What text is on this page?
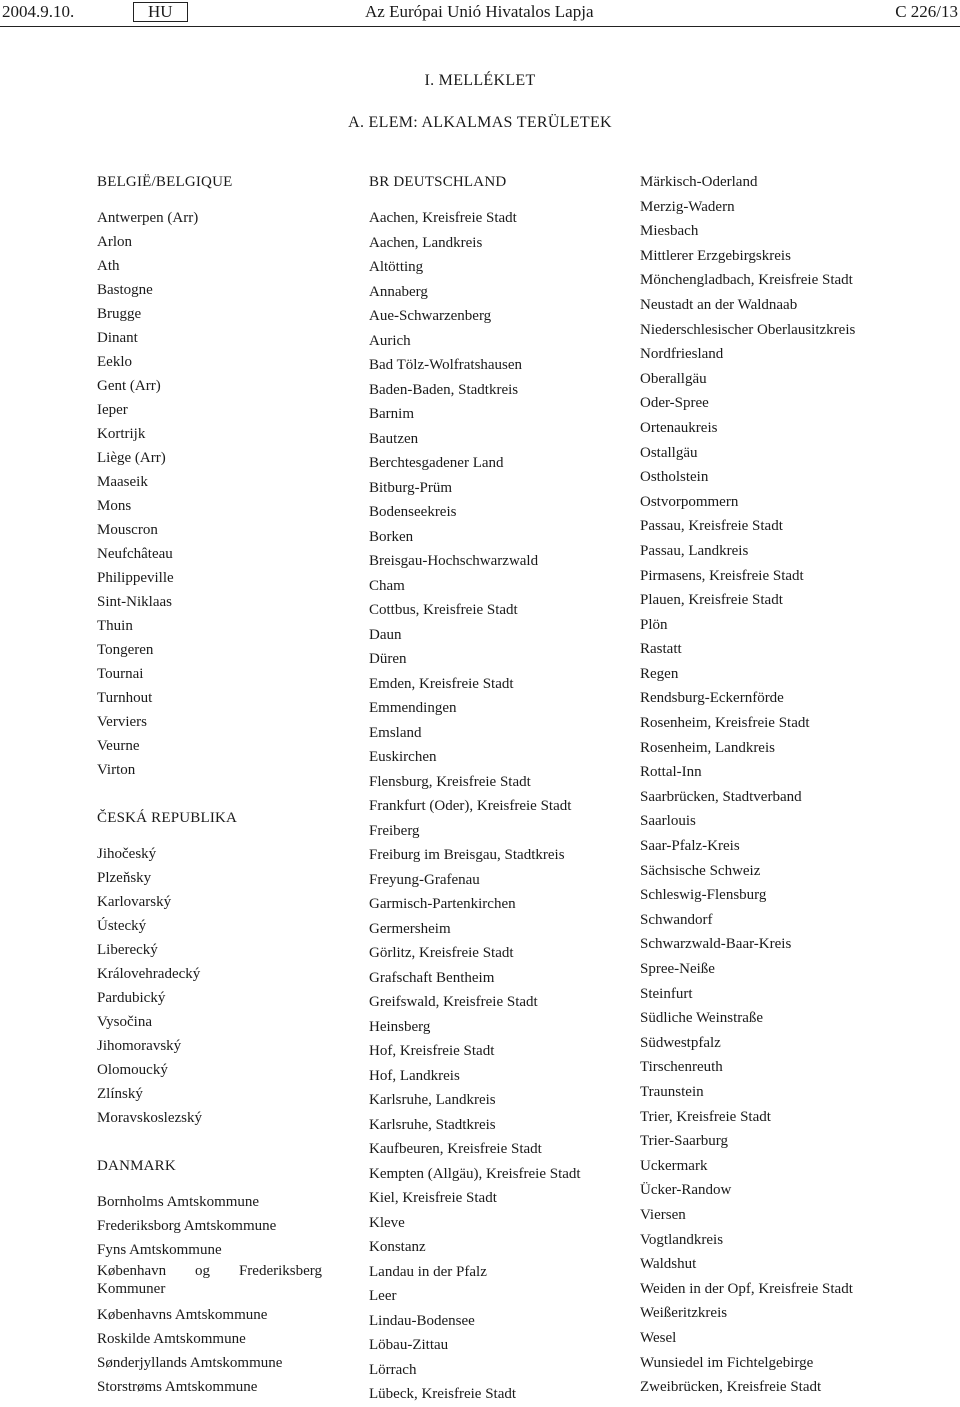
2004.9.10.	HU	Az Európai Unió Hivatalos Lapja	C 226/13
I. MELLÉKLET
A. ELEM: ALKALMAS TERÜLETEK
BELGIË/BELGIQUE
Antwerpen (Arr)
Arlon
Ath
Bastogne
Brugge
Dinant
Eeklo
Gent (Arr)
Ieper
Kortrijk
Liège (Arr)
Maaseik
Mons
Mouscron
Neufchâteau
Philippeville
Sint-Niklaas
Thuin
Tongeren
Tournai
Turnhout
Verviers
Veurne
Virton
ČESKÁ REPUBLIKA
Jihočeský
Plzeňsky
Karlovarský
Ústecký
Liberecký
Královehradecký
Pardubický
Vysočina
Jihomoravský
Olomoucký
Zlínský
Moravskoslezský
DANMARK
Bornholms Amtskommune
Frederiksborg Amtskommune
Fyns Amtskommune
København og Frederiksberg Kommuner
Københavns Amtskommune
Roskilde Amtskommune
Sønderjyllands Amtskommune
Storstrøms Amtskommune
BR DEUTSCHLAND
Aachen, Kreisfreie Stadt
Aachen, Landkreis
Altötting
Annaberg
Aue-Schwarzenberg
Aurich
Bad Tölz-Wolfratshausen
Baden-Baden, Stadtkreis
Barnim
Bautzen
Berchtesgadener Land
Bitburg-Prüm
Bodenseekreis
Borken
Breisgau-Hochschwarzwald
Cham
Cottbus, Kreisfreie Stadt
Daun
Düren
Emden, Kreisfreie Stadt
Emmendingen
Emsland
Euskirchen
Flensburg, Kreisfreie Stadt
Frankfurt (Oder), Kreisfreie Stadt
Freiberg
Freiburg im Breisgau, Stadtkreis
Freyung-Grafenau
Garmisch-Partenkirchen
Germersheim
Görlitz, Kreisfreie Stadt
Grafschaft Bentheim
Greifswald, Kreisfreie Stadt
Heinsberg
Hof, Kreisfreie Stadt
Hof, Landkreis
Karlsruhe, Landkreis
Karlsruhe, Stadtkreis
Kaufbeuren, Kreisfreie Stadt
Kempten (Allgäu), Kreisfreie Stadt
Kiel, Kreisfreie Stadt
Kleve
Konstanz
Landau in der Pfalz
Leer
Lindau-Bodensee
Löbau-Zittau
Lörrach
Lübeck, Kreisfreie Stadt
Märkisch-Oderland
Merzig-Wadern
Miesbach
Mittlerer Erzgebirgskreis
Mönchengladbach, Kreisfreie Stadt
Neustadt an der Waldnaab
Niederschlesischer Oberlausitzkreis
Nordfriesland
Oberallgäu
Oder-Spree
Ortenaukreis
Ostallgäu
Ostholstein
Ostvorpommern
Passau, Kreisfreie Stadt
Passau, Landkreis
Pirmasens, Kreisfreie Stadt
Plauen, Kreisfreie Stadt
Plön
Rastatt
Regen
Rendsburg-Eckernförde
Rosenheim, Kreisfreie Stadt
Rosenheim, Landkreis
Rottal-Inn
Saarbrücken, Stadtverband
Saarlouis
Saar-Pfalz-Kreis
Sächsische Schweiz
Schleswig-Flensburg
Schwandorf
Schwarzwald-Baar-Kreis
Spree-Neiße
Steinfurt
Südliche Weinstraße
Südwestpfalz
Tirschenreuth
Traunstein
Trier, Kreisfreie Stadt
Trier-Saarburg
Uckermark
Ücker-Randow
Viersen
Vogtlandkreis
Waldshut
Weiden in der Opf, Kreisfreie Stadt
Weißeritzkreis
Wesel
Wunsiedel im Fichtelgebirge
Zweibrücken, Kreisfreie Stadt
